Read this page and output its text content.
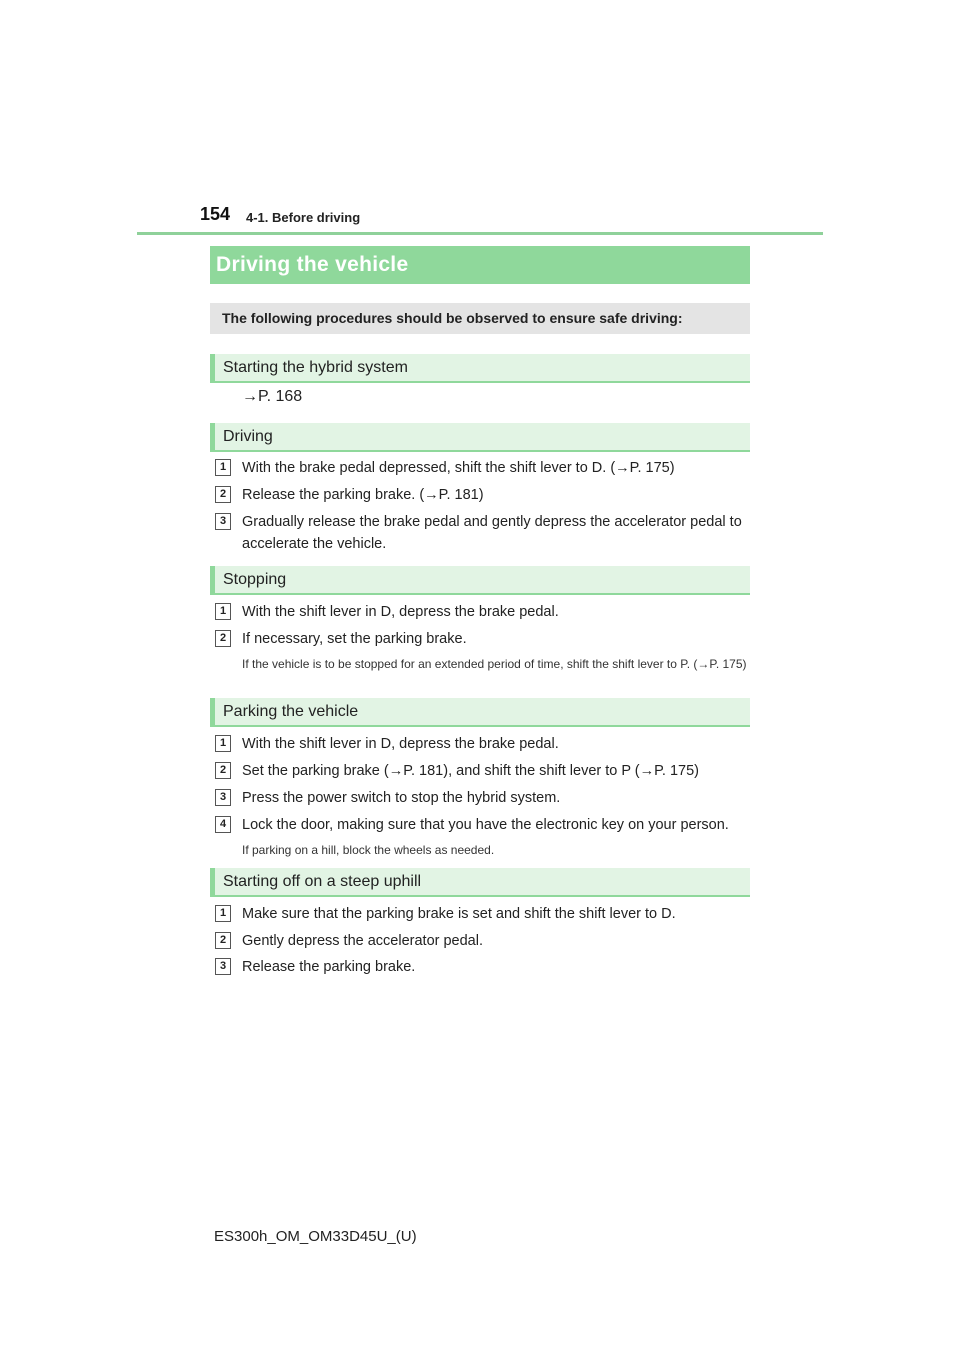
154 4-1. Before driving
Driving the vehicle
The following procedures should be observed to ensure safe driving:
Starting the hybrid system
→P. 168
Driving
1	With the brake pedal depressed, shift the shift lever to D. (→P. 175)
2	Release the parking brake. (→P. 181)
3	Gradually release the brake pedal and gently depress the accelerator pedal to accelerate the vehicle.
Stopping
1	With the shift lever in D, depress the brake pedal.
2	If necessary, set the parking brake.
If the vehicle is to be stopped for an extended period of time, shift the shift lever to P. (→P. 175)
Parking the vehicle
1	With the shift lever in D, depress the brake pedal.
2	Set the parking brake (→P. 181), and shift the shift lever to P (→P. 175)
3	Press the power switch to stop the hybrid system.
4	Lock the door, making sure that you have the electronic key on your person.
If parking on a hill, block the wheels as needed.
Starting off on a steep uphill
1	Make sure that the parking brake is set and shift the shift lever to D.
2	Gently depress the accelerator pedal.
3	Release the parking brake.
ES300h_OM_OM33D45U_(U)
